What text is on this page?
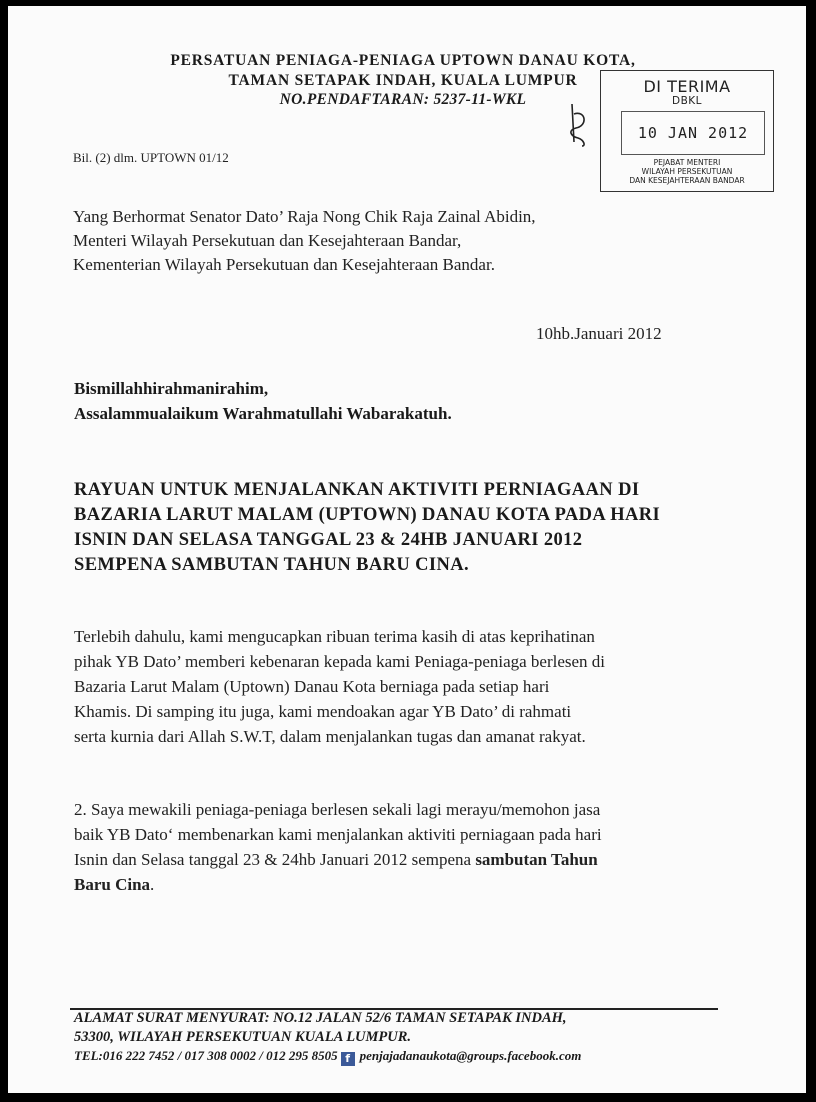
PERSATUAN PENIAGA-PENIAGA UPTOWN DANAU KOTA,
TAMAN SETAPAK INDAH, KUALA LUMPUR
NO.PENDAFTARAN: 5237-11-WKL
DI TERIMA
DBKL
10 JAN 2012
PEJABAT MENTERI
WILAYAH PERSEKUTUAN
DAN KESEJAHTERAAN BANDAR
Bil. (2) dlm. UPTOWN 01/12
Yang Berhormat Senator Dato’ Raja Nong Chik Raja Zainal Abidin,
Menteri Wilayah Persekutuan dan Kesejahteraan Bandar,
Kementerian Wilayah Persekutuan dan Kesejahteraan Bandar.
10hb.Januari 2012
Bismillahhirahmanirahim,
Assalammualaikum Warahmatullahi Wabarakatuh.
RAYUAN UNTUK MENJALANKAN AKTIVITI PERNIAGAAN DI
BAZARIA LARUT MALAM (UPTOWN) DANAU KOTA PADA HARI
ISNIN DAN SELASA TANGGAL 23 & 24HB JANUARI 2012
SEMPENA SAMBUTAN TAHUN BARU CINA.
Terlebih dahulu, kami mengucapkan ribuan terima kasih di atas keprihatinan
pihak YB Dato’ memberi kebenaran kepada kami Peniaga-peniaga berlesen di
Bazaria Larut Malam (Uptown) Danau Kota berniaga pada setiap hari
Khamis. Di samping itu juga, kami mendoakan agar YB Dato’ di rahmati
serta kurnia dari Allah S.W.T, dalam menjalankan tugas dan amanat rakyat.
2. Saya mewakili peniaga-peniaga berlesen sekali lagi merayu/memohon jasa
baik YB Dato‘ membenarkan kami menjalankan aktiviti perniagaan pada hari
Isnin dan Selasa tanggal 23 & 24hb Januari 2012 sempena sambutan Tahun
Baru Cina.
ALAMAT SURAT MENYURAT: NO.12 JALAN 52/6 TAMAN SETAPAK INDAH,
53300, WILAYAH PERSEKUTUAN KUALA LUMPUR.
TEL:016 222 7452 / 017 308 0002 / 012 295 8505 f penjajadanaukota@groups.facebook.com
